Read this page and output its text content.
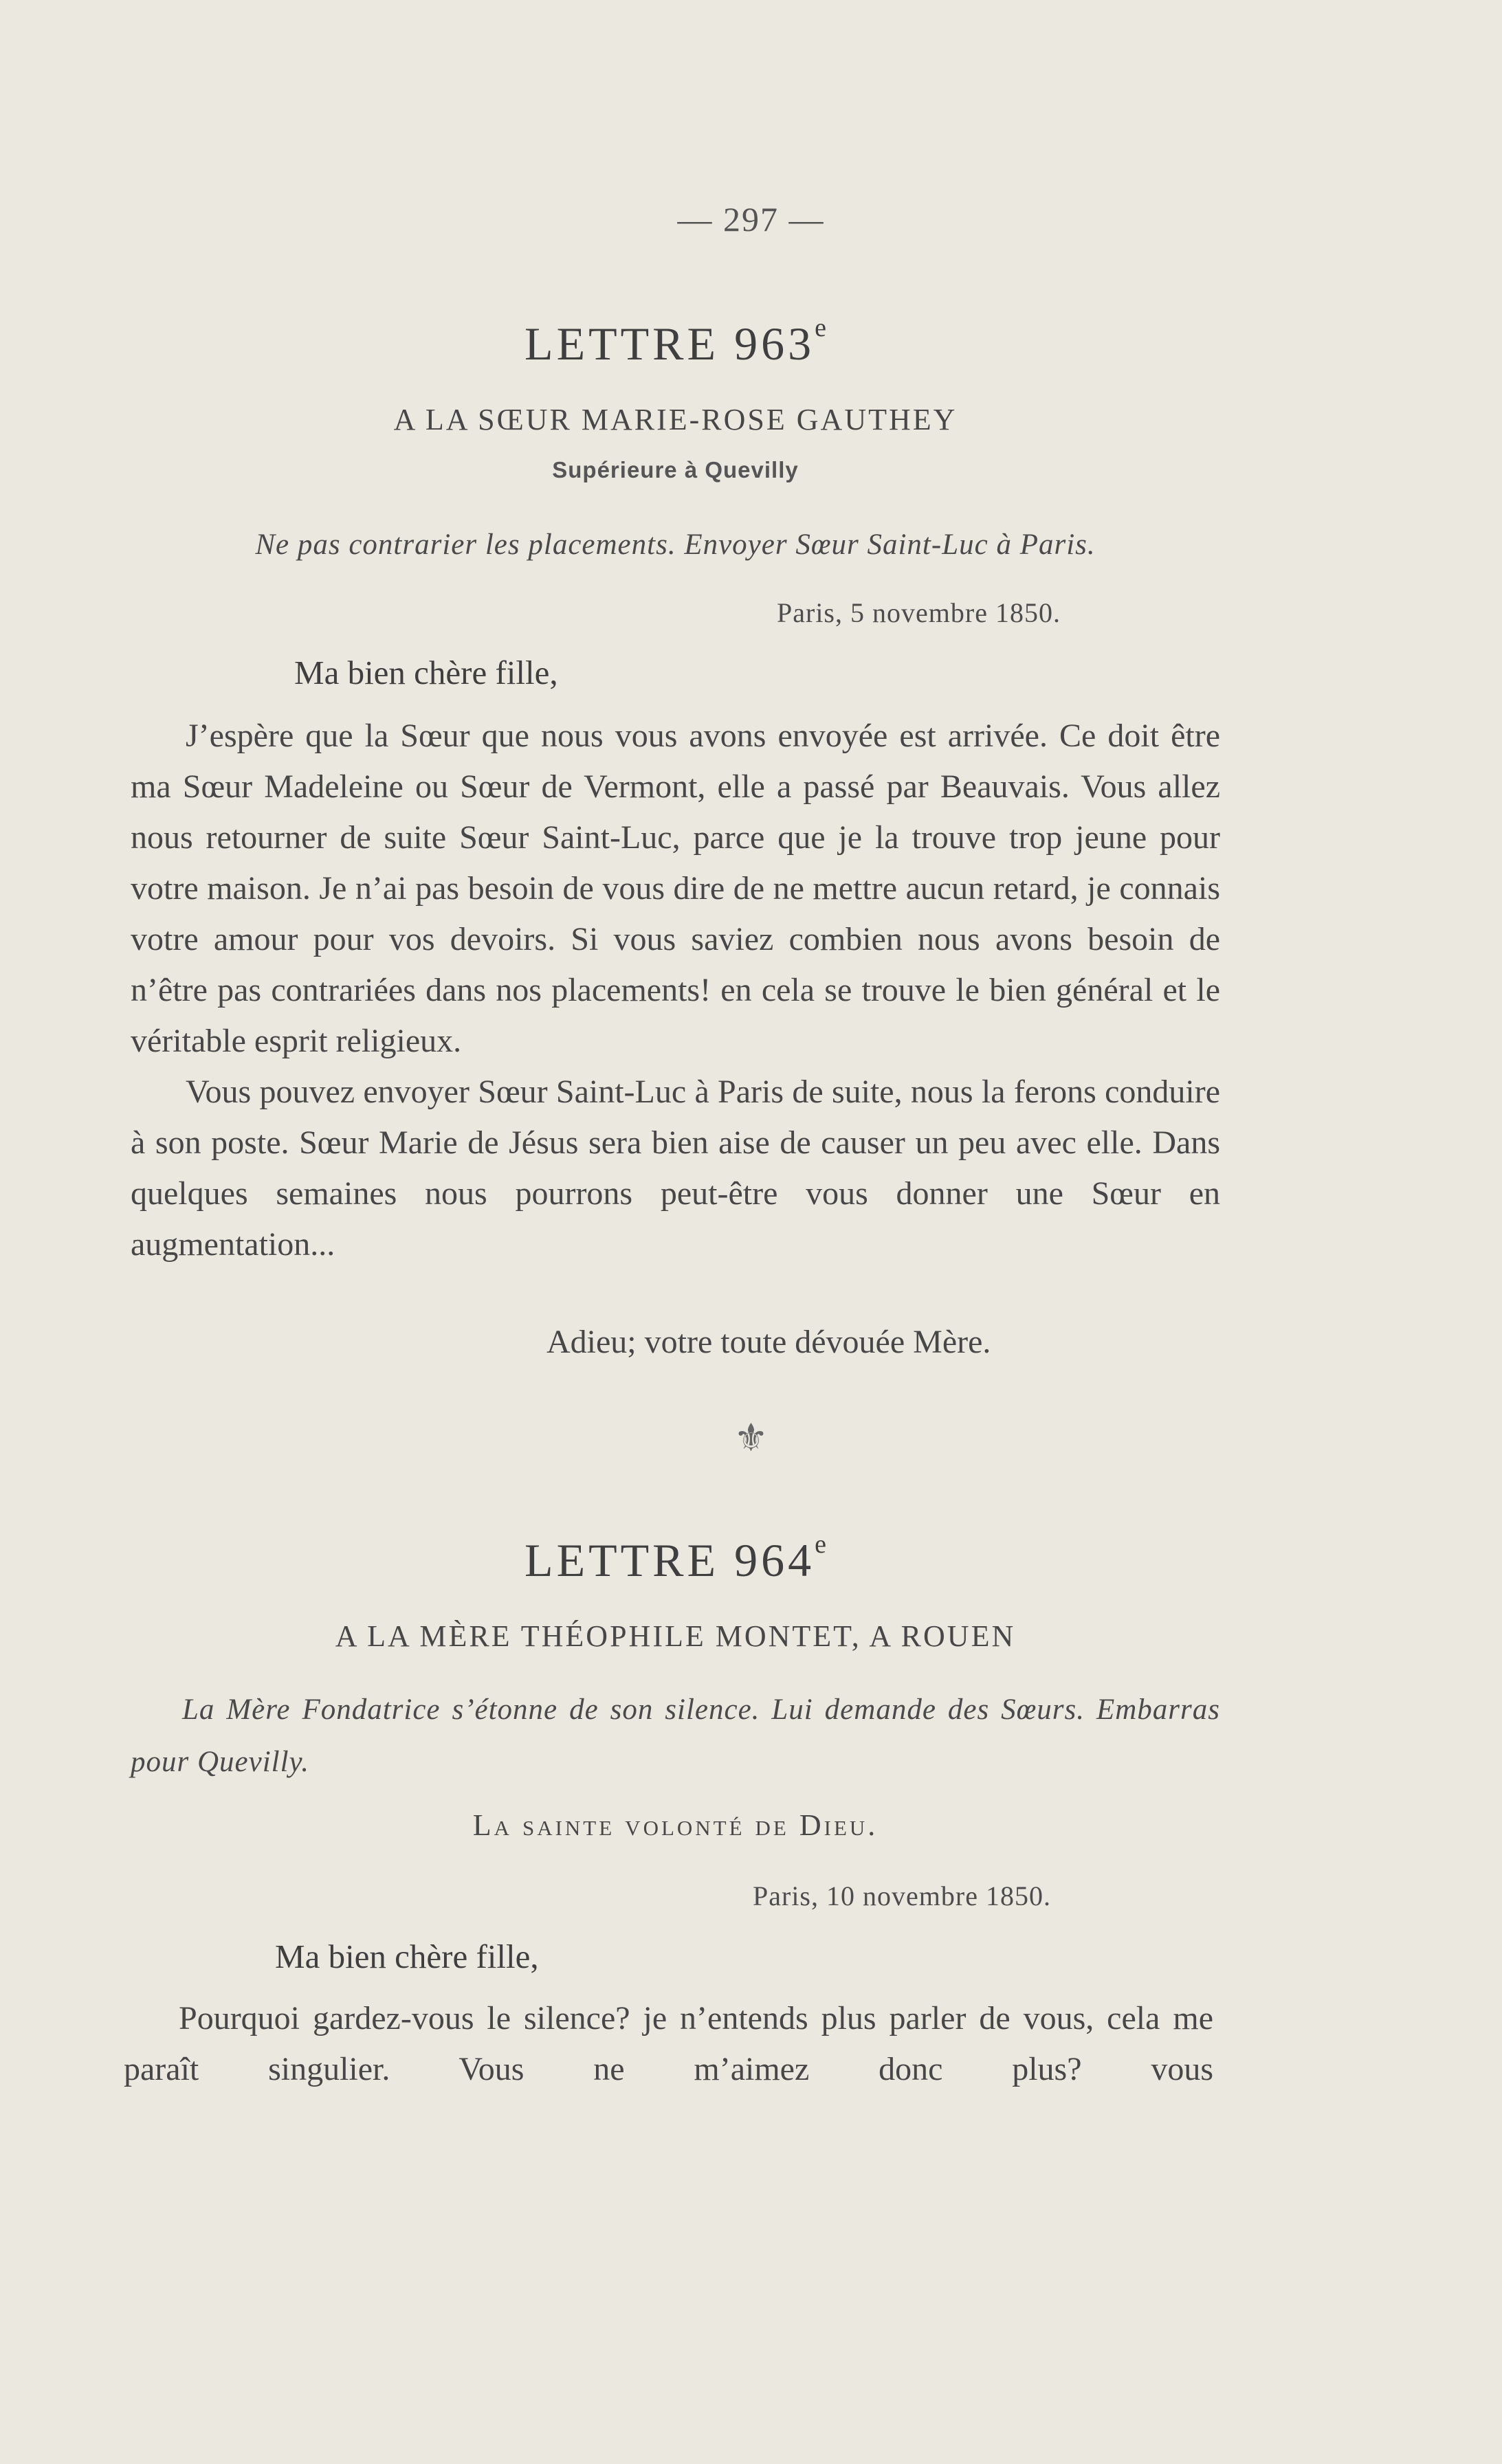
— 297 —
LETTRE 963e
A LA SŒUR MARIE-ROSE GAUTHEY
Supérieure à Quevilly
Ne pas contrarier les placements. Envoyer Sœur Saint-Luc à Paris.
Paris, 5 novembre 1850.
Ma bien chère fille,

J’espère que la Sœur que nous vous avons envoyée est arrivée. Ce doit être ma Sœur Madeleine ou Sœur de Vermont, elle a passé par Beauvais. Vous allez nous retourner de suite Sœur Saint-Luc, parce que je la trouve trop jeune pour votre maison. Je n’ai pas besoin de vous dire de ne mettre aucun retard, je connais votre amour pour vos devoirs. Si vous saviez combien nous avons besoin de n’être pas contrariées dans nos placements! en cela se trouve le bien général et le véritable esprit religieux.

Vous pouvez envoyer Sœur Saint-Luc à Paris de suite, nous la ferons conduire à son poste. Sœur Marie de Jésus sera bien aise de causer un peu avec elle. Dans quelques semaines nous pourrons peut-être vous donner une Sœur en augmentation...

Adieu; votre toute dévouée Mère.
⚜
LETTRE 964e
A LA MÈRE THÉOPHILE MONTET, A ROUEN
La Mère Fondatrice s’étonne de son silence. Lui demande des Sœurs. Embarras pour Quevilly.
La sainte volonté de Dieu.
Paris, 10 novembre 1850.
Ma bien chère fille,

Pourquoi gardez-vous le silence? je n’entends plus parler de vous, cela me paraît singulier. Vous ne m’aimez donc plus? vous
